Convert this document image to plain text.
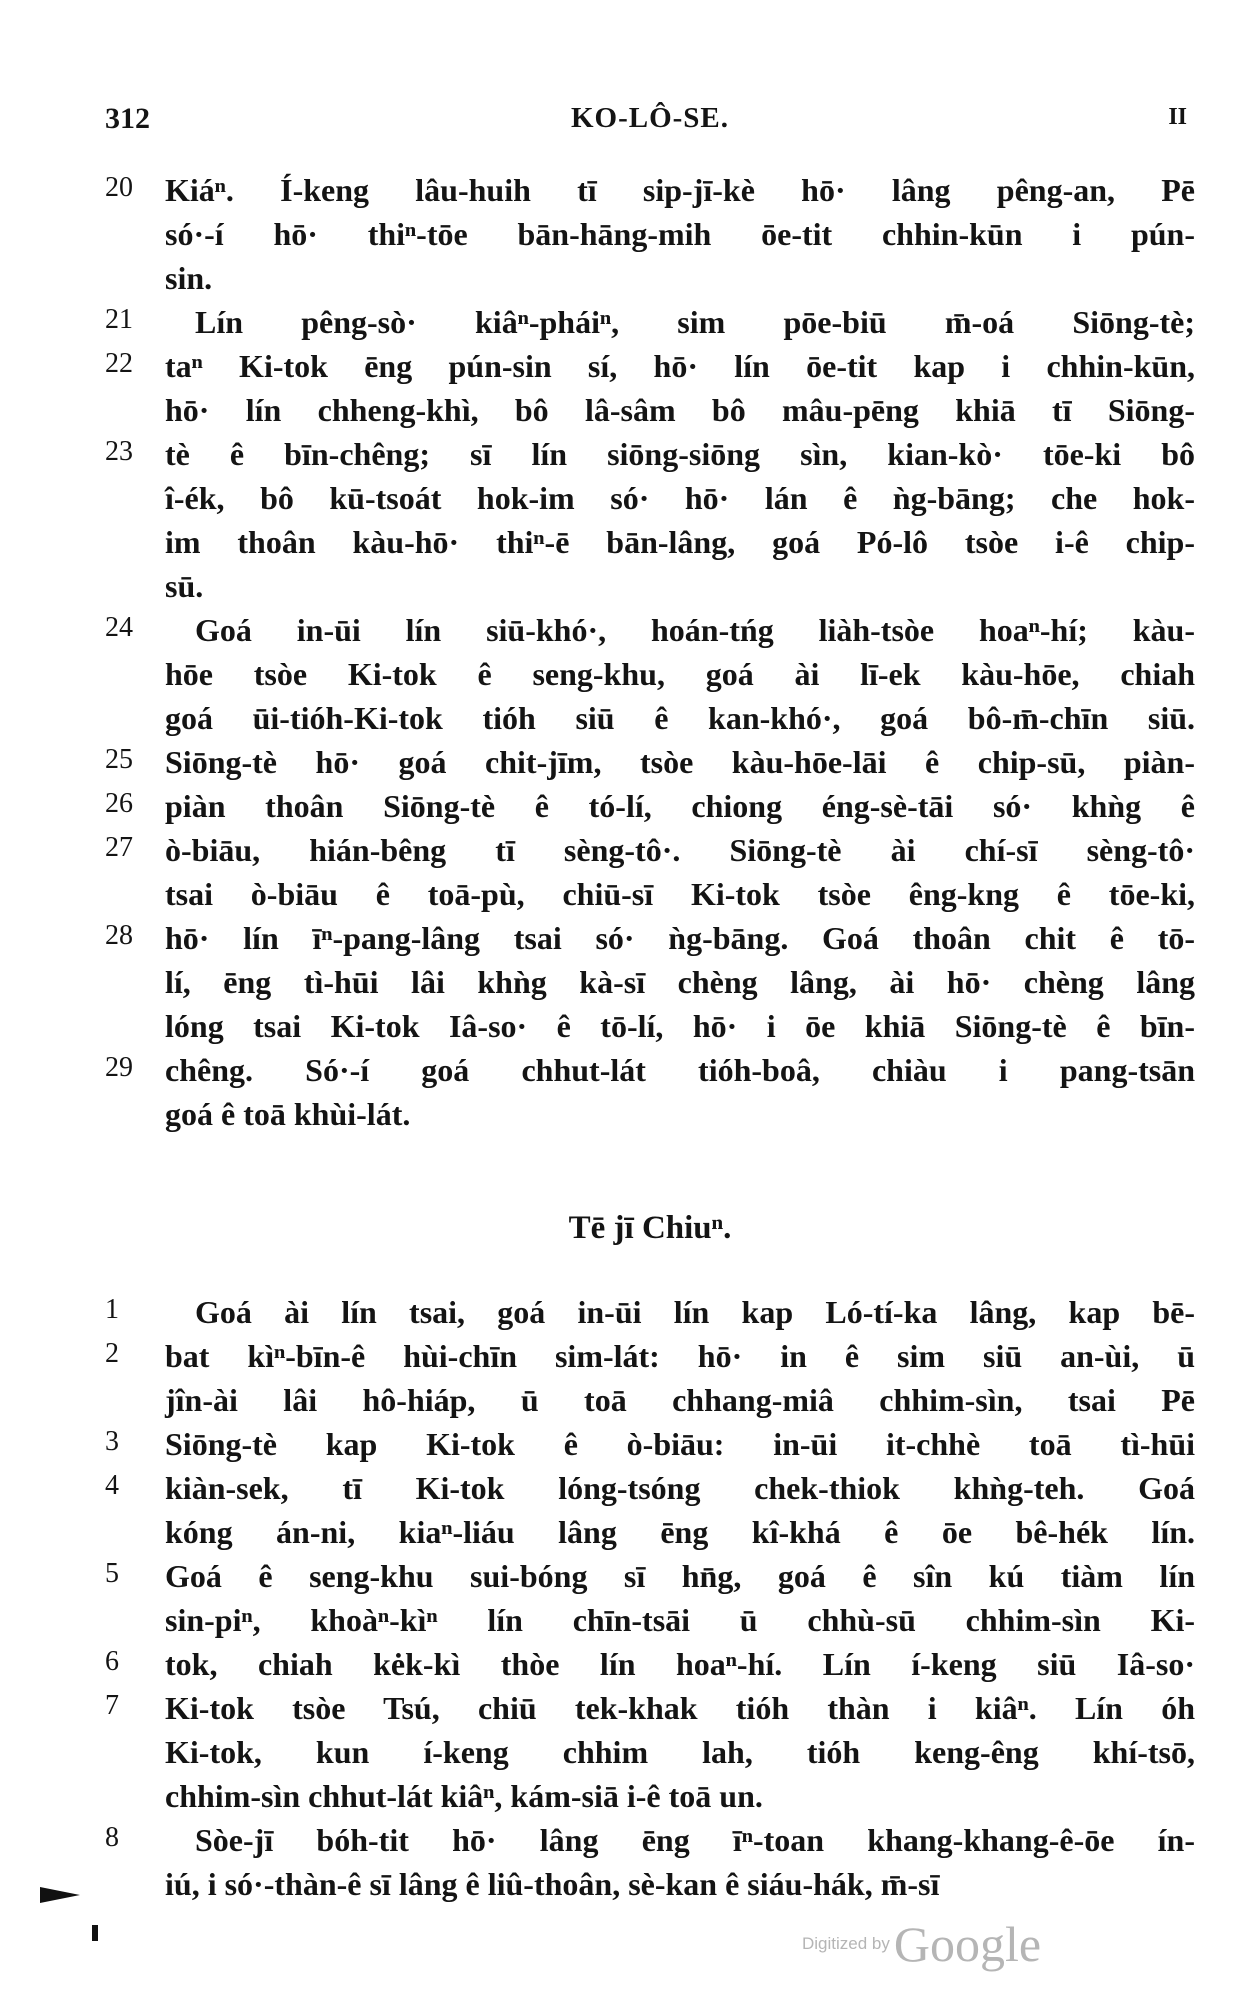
312	KO-LÔ-SE.	II
20	Kiáⁿ. Í-keng lâu-huih tī sip-jī-kè hō· lâng pêng-an, Pē
só·-í hō· thiⁿ-tōe bān-hāng-mih ōe-tit chhin-kūn i pún-
sin.
21	Lín pêng-sò· kiâⁿ-pháiⁿ, sim pōe-biū m̄-oá Siōng-tè;
22	taⁿ Ki-tok ēng pún-sin sí, hō· lín ōe-tit kap i chhin-kūn,
hō· lín chheng-khì, bô lâ-sâm bô mâu-pēng khiā tī Siōng-
23	tè ê bīn-chêng; sī lín siōng-siōng sìn, kian-kò· tōe-ki bô
î-ék, bô kū-tsoát hok-im só· hō· lán ê ǹg-bāng; che hok-
im thoân kàu-hō· thiⁿ-ē bān-lâng, goá Pó-lô tsòe i-ê chip-
sū.
24	Goá in-ūi lín siū-khó·, hoán-tńg liàh-tsòe hoaⁿ-hí; kàu-
hōe tsòe Ki-tok ê seng-khu, goá ài lī-ek kàu-hōe, chiah
goá ūi-tióh-Ki-tok tióh siū ê kan-khó·, goá bô-m̄-chīn siū.
25	Siōng-tè hō· goá chit-jīm, tsòe kàu-hōe-lāi ê chip-sū, piàn-
26	piàn thoân Siōng-tè ê tó-lí, chiong éng-sè-tāi só· khǹg ê
27	ò-biāu, hián-bêng tī sèng-tô·. Siōng-tè ài chí-sī sèng-tô·
tsai ò-biāu ê toā-pù, chiū-sī Ki-tok tsòe êng-kng ê tōe-ki,
28	hō· lín īⁿ-pang-lâng tsai só· ǹg-bāng. Goá thoân chit ê tō-
lí, ēng tì-hūi lâi khǹg kà-sī chèng lâng, ài hō· chèng lâng
lóng tsai Ki-tok Iâ-so· ê tō-lí, hō· i ōe khiā Siōng-tè ê bīn-
29	chêng. Só·-í goá chhut-lát tióh-boâ, chiàu i pang-tsān
goá ê toā khùi-lát.
Tē jī Chiuⁿ.
1	Goá ài lín tsai, goá in-ūi lín kap Ló-tí-ka lâng, kap bē-
2	bat kìⁿ-bīn-ê hùi-chīn sim-lát: hō· in ê sim siū an-ùi, ū
jîn-ài lâi hô-hiáp, ū toā chhang-miâ chhim-sìn, tsai Pē
3	Siōng-tè kap Ki-tok ê ò-biāu: in-ūi it-chhè toā tì-hūi
4	kiàn-sek, tī Ki-tok lóng-tsóng chek-thiok khǹg-teh. Goá
kóng án-ni, kiaⁿ-liáu lâng ēng kî-khá ê ōe bê-hék lín.
5	Goá ê seng-khu sui-bóng sī hn̄g, goá ê sîn kú tiàm lín
sin-piⁿ, khoàⁿ-kìⁿ lín chīn-tsāi ū chhù-sū chhim-sìn Ki-
6	tok, chiah kėk-kì thòe lín hoaⁿ-hí. Lín í-keng siū Iâ-so·
7	Ki-tok tsòe Tsú, chiū tek-khak tióh thàn i kiâⁿ. Lín óh
Ki-tok, kun í-keng chhim lah, tióh keng-êng khí-tsō,
chhim-sìn chhut-lát kiâⁿ, kám-siā i-ê toā un.
8	Sòe-jī bóh-tit hō· lâng ēng īⁿ-toan khang-khang-ê-ōe ín-
iú, i só·-thàn-ê sī lâng ê liû-thoân, sè-kan ê siáu-hák, m̄-sī
Digitized by Google
